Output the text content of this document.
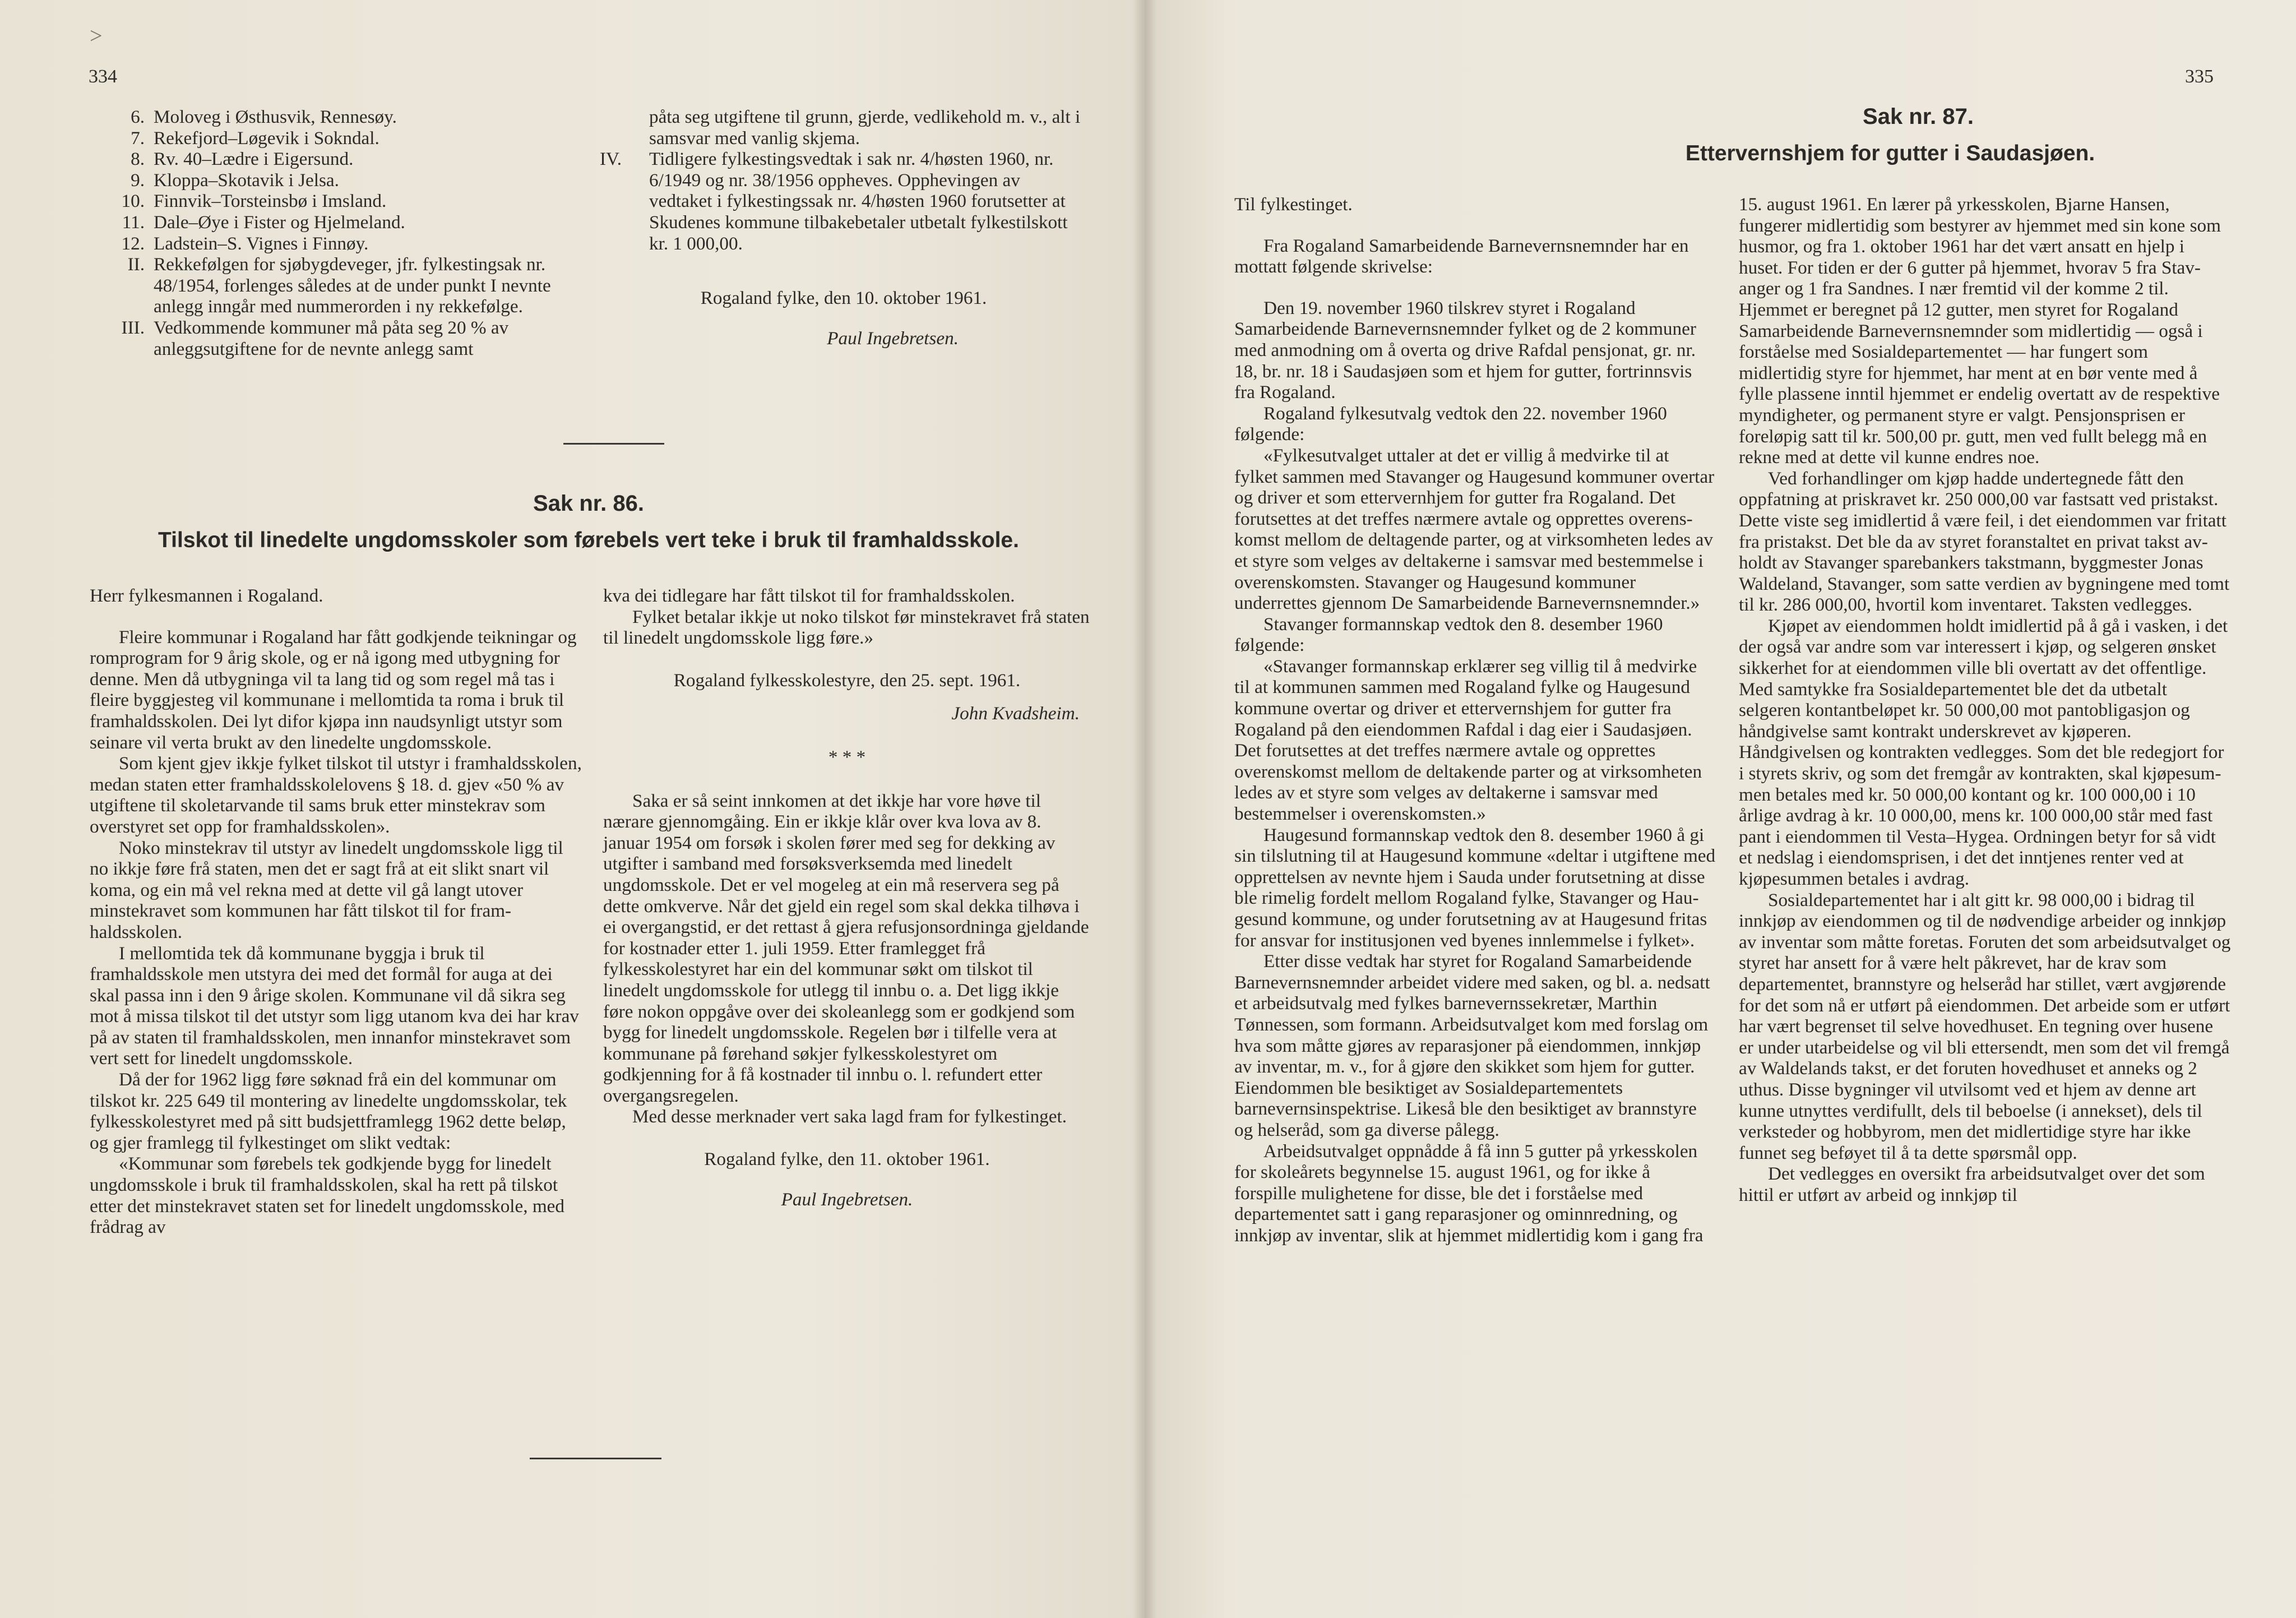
>
334
6. Moloveg i Østhusvik, Rennesøy.
7. Rekefjord–Løgevik i Sokndal.
8. Rv. 40–Lædre i Eigersund.
9. Kloppa–Skotavik i Jelsa.
10. Finnvik–Torsteinsbø i Imsland.
11. Dale–Øye i Fister og Hjelmeland.
12. Ladstein–S. Vignes i Finnøy.
II. Rekkefølgen for sjøbygdeveger, jfr. fylkestingsak nr. 48/1954, forlenges således at de under punkt I nevnte anlegg inngår med nummerorden i ny rekkefølge.
III. Vedkommende kommuner må påta seg 20 % av anleggsutgiftene for de nevnte anlegg samt

påta seg utgiftene til grunn, gjerde, vedlikehold m. v., alt i samsvar med vanlig skjema.

IV.	Tidligere fylkestingsvedtak i sak nr. 4/høsten 1960, nr. 6/1949 og nr. 38/1956 oppheves. Opphevingen av vedtaket i fylkestingssak nr. 4/høsten 1960 forutsetter at Skudenes kommune tilbakebetaler utbetalt fylkestilskott kr. 1 000,00.

Rogaland fylke, den 10. oktober 1961.

Paul Ingebretsen.

Sak nr. 86.
Tilskot til linedelte ungdomsskoler som førebels vert teke i bruk til framhaldsskole.

Herr fylkesmannen i Rogaland.

Fleire kommunar i Rogaland har fått godkjende teikningar og romprogram for 9 årig skole, og er nå igong med utbygning for denne. Men då utbygninga vil ta lang tid og som regel må tas i fleire byggjesteg vil kommunane i mellomtida ta roma i bruk til framhaldsskolen. Dei lyt difor kjøpa inn naudsynligt utstyr som seinare vil verta brukt av den linedelte ungdomsskole.

Som kjent gjev ikkje fylket tilskot til utstyr i framhaldsskolen, medan staten etter framhaldsskolelovens § 18. d. gjev «50 % av utgiftene til skoletarvande til sams bruk etter minstekrav som overstyret set opp for framhaldsskolen».

Noko minstekrav til utstyr av linedelt ungdomsskole ligg til no ikkje føre frå staten, men det er sagt frå at eit slikt snart vil koma, og ein må vel rekna med at dette vil gå langt utover minstekravet som kommunen har fått tilskot til for framhaldsskolen.

I mellomtida tek då kommunane byggja i bruk til framhaldsskole men utstyra dei med det formål for auga at dei skal passa inn i den 9 årige skolen. Kommunane vil då sikra seg mot å missa tilskot til det utstyr som ligg utanom kva dei har krav på av staten til framhaldsskolen, men innanfor minstekravet som vert sett for linedelt ungdomsskole.

Då der for 1962 ligg føre søknad frå ein del kommunar om tilskot kr. 225 649 til montering av linedelte ungdomsskolar, tek fylkesskolestyret med på sitt budsjettframlegg 1962 dette beløp, og gjer framlegg til fylkestinget om slikt vedtak:

«Kommunar som førebels tek godkjende bygg for linedelt ungdomsskole i bruk til framhaldsskolen, skal ha rett på tilskot etter det minstekravet staten set for linedelt ungdomsskole, med frådrag av

kva dei tidlegare har fått tilskot til for framhaldsskolen.

Fylket betalar ikkje ut noko tilskot før minstekravet frå staten til linedelt ungdomsskole ligg føre.»

Rogaland fylkesskolestyre, den 25. sept. 1961.

John Kvadsheim.

* * *

Saka er så seint innkomen at det ikkje har vore høve til nærare gjennomgåing. Ein er ikkje klår over kva lova av 8. januar 1954 om forsøk i skolen fører med seg for dekking av utgifter i samband med forsøksverksemda med linedelt ungdomsskole. Det er vel mogeleg at ein må reservera seg på dette omkverve. Når det gjeld ein regel som skal dekka tilhøva i ei overgangstid, er det rettast å gjera refusjonsordninga gjeldande for kostnader etter 1. juli 1959. Etter framlegget frå fylkesskolestyret har ein del kommunar søkt om tilskot til linedelt ungdomsskole for utlegg til innbu o. a. Det ligg ikkje føre nokon oppgåve over dei skoleanlegg som er godkjend som bygg for linedelt ungdomsskole. Regelen bør i tilfelle vera at kommunane på førehand søkjer fylkesskolestyret om godkjenning for å få kostnader til innbu o. l. refundert etter overgangsregelen.

Med desse merknader vert saka lagd fram for fylkestinget.

Rogaland fylke, den 11. oktober 1961.

Paul Ingebretsen.

335
Sak nr. 87.
Ettervernshjem for gutter i Saudasjøen.

Til fylkestinget.

Fra Rogaland Samarbeidende Barnevernsnemnder har en mottatt følgende skrivelse:

Den 19. november 1960 tilskrev styret i Rogaland Samarbeidende Barnevernsnemnder fylket og de 2 kommuner med anmodning om å overta og drive Rafdal pensjonat, gr. nr. 18, br. nr. 18 i Saudasjøen som et hjem for gutter, fortrinnsvis fra Rogaland.

Rogaland fylkesutvalg vedtok den 22. november 1960 følgende:

«Fylkesutvalget uttaler at det er villig å medvirke til at fylket sammen med Stavanger og Haugesund kommuner overtar og driver et som ettervernhjem for gutter fra Rogaland. Det forutsettes at det treffes nærmere avtale og opprettes overenskomst mellom de deltagende parter, og at virksomheten ledes av et styre som velges av deltakerne i samsvar med bestemmelse i overenskomsten. Stavanger og Haugesund kommuner underrettes gjennom De Samarbeidende Barnevernsnemnder.»

Stavanger formannskap vedtok den 8. desember 1960 følgende:

«Stavanger formannskap erklærer seg villig til å medvirke til at kommunen sammen med Rogaland fylke og Haugesund kommune overtar og driver et ettervernshjem for gutter fra Rogaland på den eiendommen Rafdal i dag eier i Saudasjøen. Det forutsettes at det treffes nærmere avtale og opprettes overenskomst mellom de deltakende parter og at virksomheten ledes av et styre som velges av deltakerne i samsvar med bestemmelser i overenskomsten.»

Haugesund formannskap vedtok den 8. desember 1960 å gi sin tilslutning til at Haugesund kommune «deltar i utgiftene med opprettelsen av nevnte hjem i Sauda under forutsetning at disse ble rimelig fordelt mellom Rogaland fylke, Stavanger og Haugesund kommune, og under forutsetning av at Haugesund fritas for ansvar for institusjonen ved byenes innlemmelse i fylket».

Etter disse vedtak har styret for Rogaland Samarbeidende Barnevernsnemnder arbeidet videre med saken, og bl. a. nedsatt et arbeidsutvalg med fylkes barnevernssekretær, Marthin Tønnessen, som formann. Arbeidsutvalget kom med forslag om hva som måtte gjøres av reparasjoner på eiendommen, innkjøp av inventar, m. v., for å gjøre den skikket som hjem for gutter. Eiendommen ble besiktiget av Sosialdepartementets barnevernsinspektrise. Likeså ble den besiktiget av brannstyre og helseråd, som ga diverse pålegg.

Arbeidsutvalget oppnådde å få inn 5 gutter på yrkesskolen for skoleårets begynnelse 15. august 1961, og for ikke å forspille mulighetene for disse, ble det i forståelse med departementet satt i gang reparasjoner og ominnredning, og innkjøp av inventar, slik at hjemmet midlertidig kom i gang fra

15. august 1961. En lærer på yrkesskolen, Bjarne Hansen, fungerer midlertidig som bestyrer av hjemmet med sin kone som husmor, og fra 1. oktober 1961 har det vært ansatt en hjelp i huset. For tiden er der 6 gutter på hjemmet, hvorav 5 fra Stavanger og 1 fra Sandnes. I nær fremtid vil der komme 2 til. Hjemmet er beregnet på 12 gutter, men styret for Rogaland Samarbeidende Barnevernsnemnder som midlertidig — også i forståelse med Sosialdepartementet — har fungert som midlertidig styre for hjemmet, har ment at en bør vente med å fylle plassene inntil hjemmet er endelig overtatt av de respektive myndigheter, og permanent styre er valgt. Pensjonsprisen er foreløpig satt til kr. 500,00 pr. gutt, men ved fullt belegg må en rekne med at dette vil kunne endres noe.

Ved forhandlinger om kjøp hadde undertegnede fått den oppfatning at priskravet kr. 250 000,00 var fastsatt ved pristakst. Dette viste seg imidlertid å være feil, i det eiendommen var fritatt fra pristakst. Det ble da av styret foranstaltet en privat takst avholdt av Stavanger sparebankers takstmann, byggmester Jonas Waldeland, Stavanger, som satte verdien av bygningene med tomt til kr. 286 000,00, hvortil kom inventaret. Taksten vedlegges.

Kjøpet av eiendommen holdt imidlertid på å gå i vasken, i det der også var andre som var interessert i kjøp, og selgeren ønsket sikkerhet for at eiendommen ville bli overtatt av det offentlige. Med samtykke fra Sosialdepartementet ble det da utbetalt selgeren kontantbeløpet kr. 50 000,00 mot pantobligasjon og håndgivelse samt kontrakt underskrevet av kjøperen. Håndgivelsen og kontrakten vedlegges. Som det ble redegjort for i styrets skriv, og som det fremgår av kontrakten, skal kjøpesummen betales med kr. 50 000,00 kontant og kr. 100 000,00 i 10 årlige avdrag à kr. 10 000,00, mens kr. 100 000,00 står med fast pant i eiendommen til Vesta–Hygea. Ordningen betyr for så vidt et nedslag i eiendomsprisen, i det det inntjenes renter ved at kjøpesummen betales i avdrag.

Sosialdepartementet har i alt gitt kr. 98 000,00 i bidrag til innkjøp av eiendommen og til de nødvendige arbeider og innkjøp av inventar som måtte foretas. Foruten det som arbeidsutvalget og styret har ansett for å være helt påkrevet, har de krav som departementet, brannstyre og helseråd har stillet, vært avgjørende for det som nå er utført på eiendommen. Det arbeide som er utført har vært begrenset til selve hovedhuset. En tegning over husene er under utarbeidelse og vil bli ettersendt, men som det vil fremgå av Waldelands takst, er det foruten hovedhuset et anneks og 2 uthus. Disse bygninger vil utvilsomt ved et hjem av denne art kunne utnyttes verdifullt, dels til beboelse (i annekset), dels til verksteder og hobbyrom, men det midlertidige styre har ikke funnet seg beføyet til å ta dette spørsmål opp.

Det vedlegges en oversikt fra arbeidsutvalget over det som hittil er utført av arbeid og innkjøp til
